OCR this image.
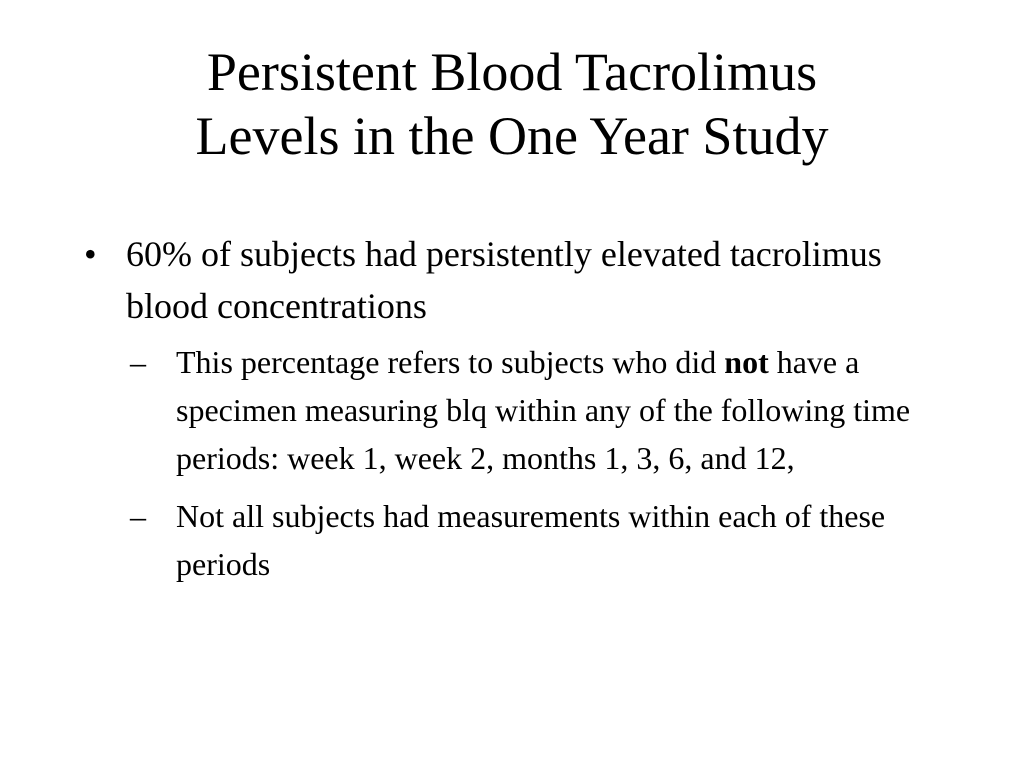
Persistent Blood Tacrolimus
Levels in the One Year Study
• 60% of subjects had persistently elevated tacrolimus blood concentrations
– This percentage refers to subjects who did not have a specimen measuring blq within any of the following time periods: week 1, week 2, months 1, 3, 6, and 12,
– Not all subjects had measurements within each of these periods
